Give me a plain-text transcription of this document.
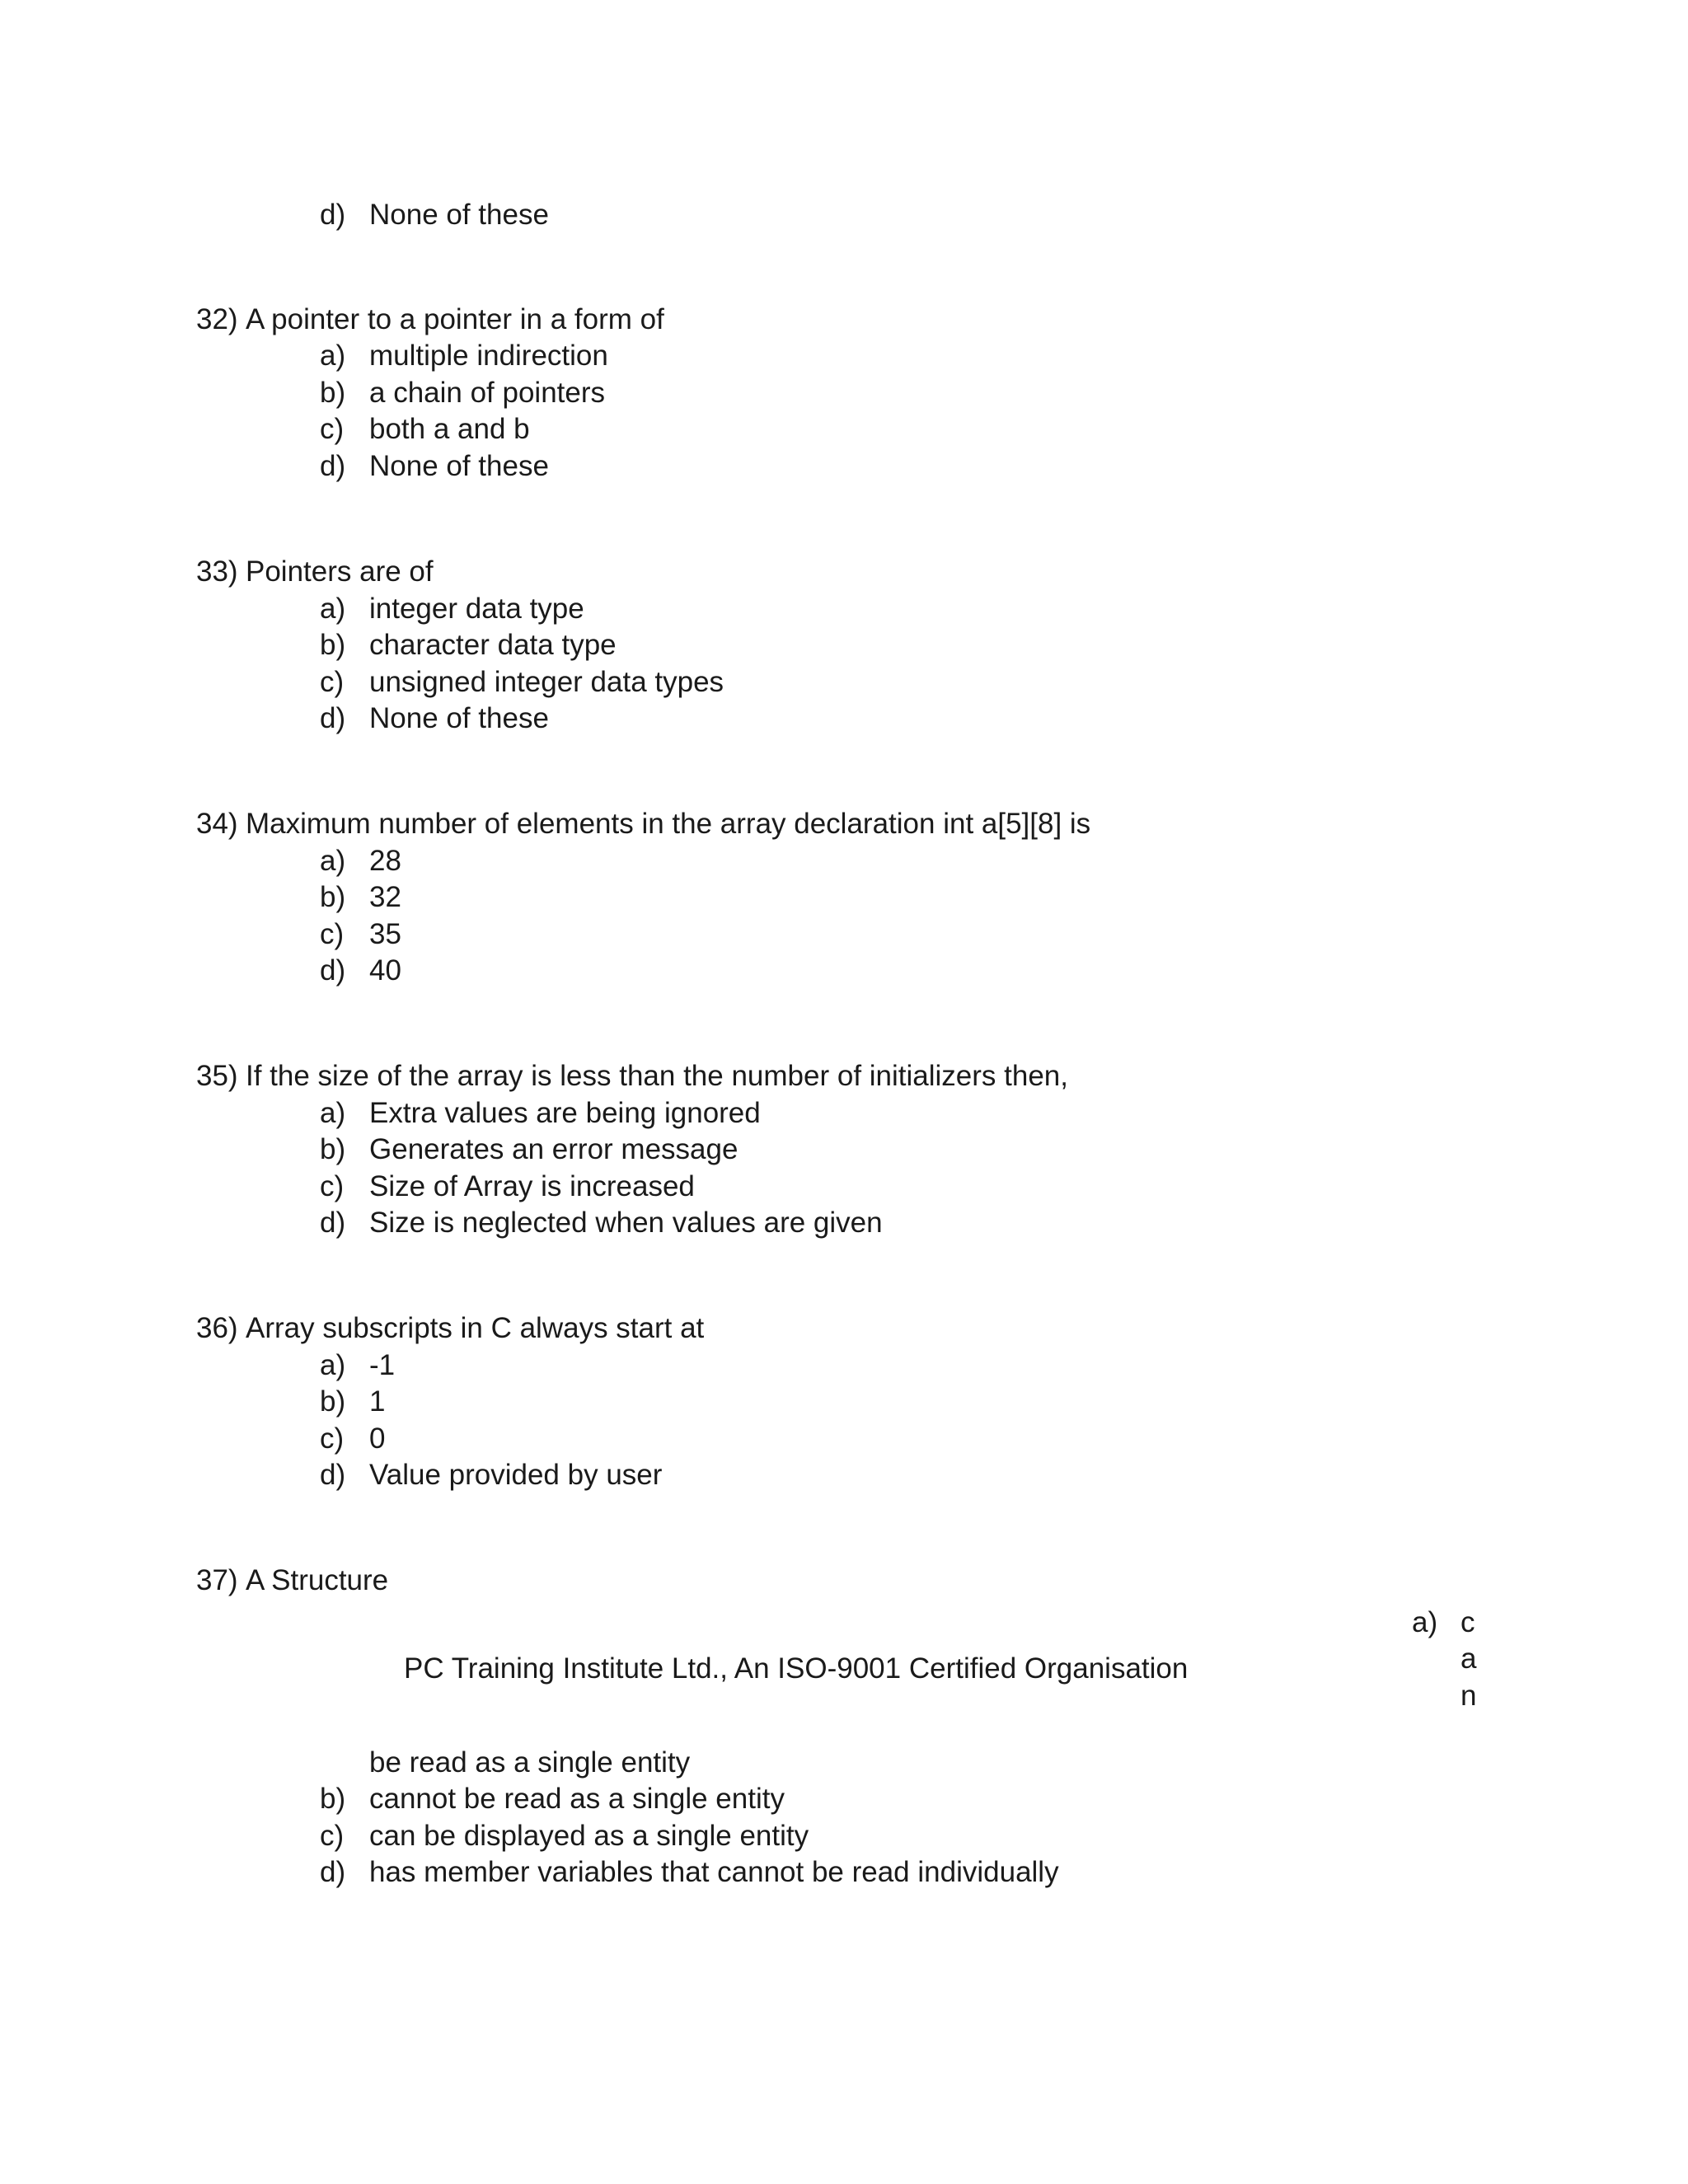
d) None of these
32) A pointer to a pointer in a form of
a) multiple indirection
b) a chain of pointers
c) both a and b
d) None of these
33) Pointers are of
a) integer data type
b) character data type
c) unsigned integer data types
d) None of these
34) Maximum number of elements in the array declaration int a[5][8] is
a) 28
b) 32
c) 35
d) 40
35) If the size of the array is less than the number of initializers then,
a) Extra values are being ignored
b) Generates an error message
c) Size of Array is increased
d) Size is neglected when values are given
36) Array subscripts in C always start at
a) -1
b) 1
c) 0
d) Value provided by user
37) A Structure
a) c
a
n
PC Training Institute Ltd., An ISO-9001 Certified Organisation
be read as a single entity
b) cannot be read as a single entity
c) can be displayed as a single entity
d) has member variables that cannot be read individually
